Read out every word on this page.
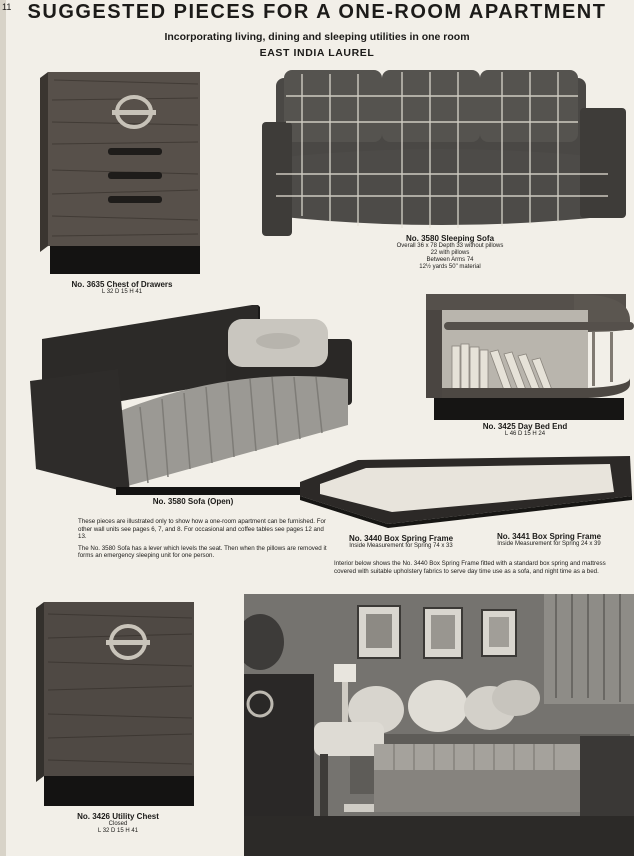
11 SUGGESTED PIECES FOR A ONE-ROOM APARTMENT
Incorporating living, dining and sleeping utilities in one room
EAST INDIA LAUREL
No. 3635 Chest of Drawers
L 32 D 15 H 41
No. 3580 Sleeping Sofa
Overall 36 x 78 Depth 33 without pillows
22 with pillows
Between Arms 74
12½ yards 50" material
No. 3580 Sofa (Open)
No. 3425 Day Bed End
L 46 D 15 H 24
No. 3440 Box Spring Frame
Inside Measurement for Spring 74 x 33
No. 3441 Box Spring Frame
Inside Measurement for Spring 24 x 39

These pieces are illustrated only to show how a one-room apartment can be furnished. For other wall units see pages 6, 7, and 8. For occasional and coffee tables see pages 12 and 13.

The No. 3580 Sofa has a lever which levels the seat. Then when the pillows are removed it forms an emergency sleeping unit for one person.

Interior below shows the No. 3440 Box Spring Frame fitted with a standard box spring and mattress covered with suitable upholstery fabrics to serve day time use as a sofa, and night time as a bed.

No. 3426 Utility Chest
Closed
L 32 D 15 H 41
